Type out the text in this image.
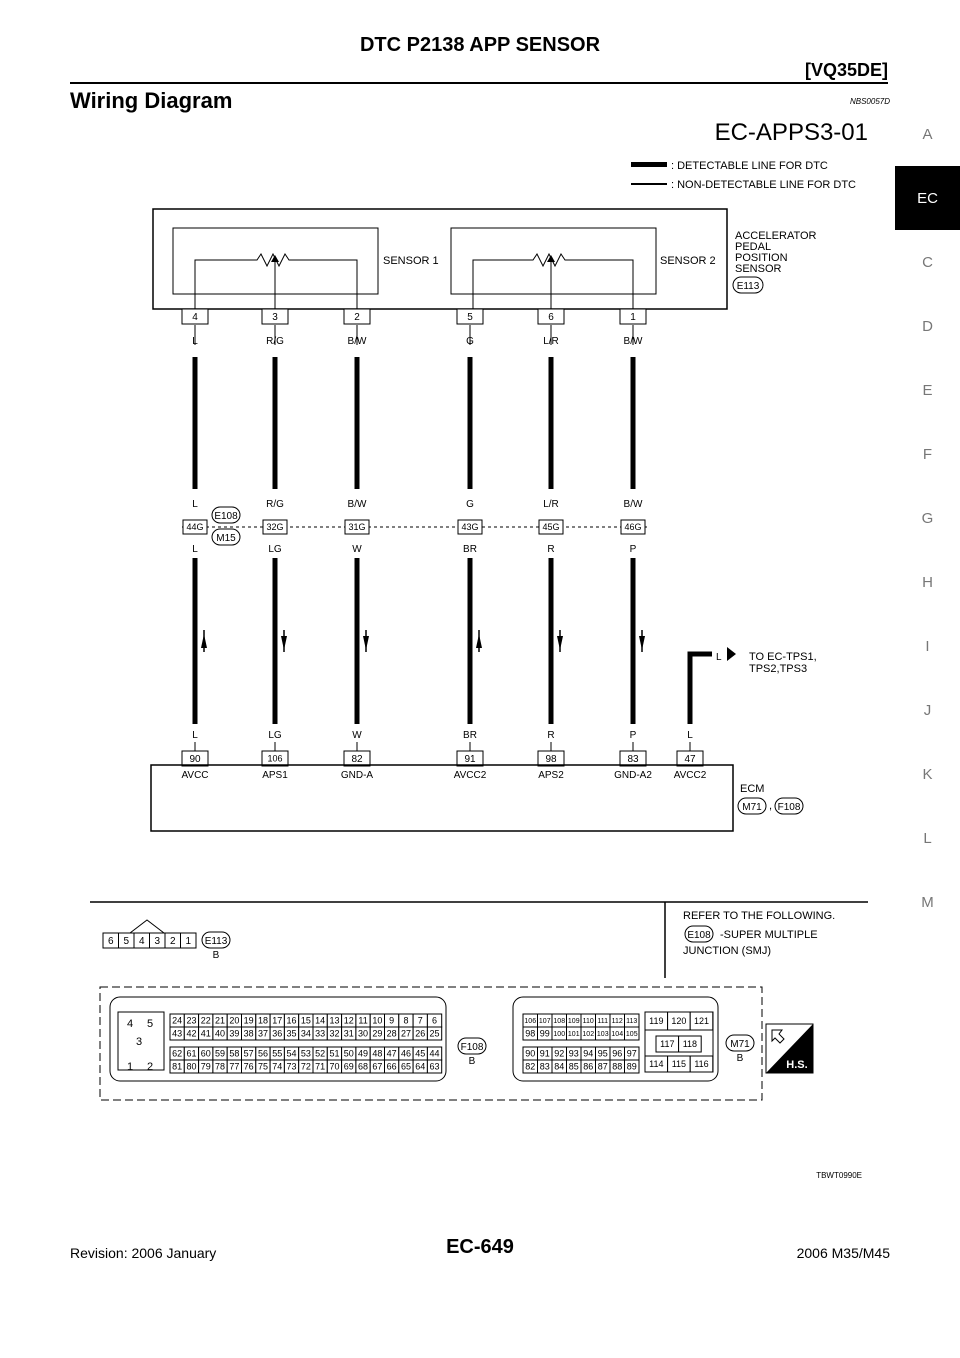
DTC P2138 APP SENSOR
[VQ35DE]
Wiring Diagram	NBS0057D
A
EC
C
D
E
F
G
H
I
J
K
L
M
EC-APPS3-01
: DETECTABLE LINE FOR DTC
: NON-DETECTABLE LINE FOR DTC
SENSOR 1	SENSOR 2
ACCELERATOR
PEDAL
POSITION
SENSOR
E113
4	3	2	5	6	1
44G	32G	31G	43G	45G	46G
E108
M15
90	106	82	91	98	83	47
M71 F108
L TO EC-TPS1,
TPS2,TPS3
L
L
R/G
R/G
B/W
B/W
G
G
L/R
L/R
B/W
B/W
L
L
LG
LG
W
W
BR
BR
R
R
P
P	L
AVCC	APS1	GND-A	AVCC2	APS2	GND-A2 AVCC2
,
ECM
REFER TO THE FOLLOWING.
-SUPER MULTIPLE
JUNCTION (SMJ)
E108
6 5 4 3 2 1 E113
B
4 5
3
1 2
24 23 22 21 20 19 18 17 16 15 14 13 12 11 10 9 8 7 6
43 42 41 40 39 38 37 36 35 34 33 32 31 30 29 28 27 26 25
62 61 60 59 58 57 56 55 54 53 52 51 50 49 48 47 46 45 44
81 80 79 78 77 76 75 74 73 72 71 70 69 68 67 66 65 64 63
F108
B
106 107 108 109 110 111 112 113
98 99 100 101 102 103 104 105
90 91 92 93 94 95 96 97
82 83 84 85 86 87 88 89
119 120 121
117 118
114 115 116
M71
B
H.S.
TBWT0990E
Revision: 2006 January	EC-649	2006 M35/M45
